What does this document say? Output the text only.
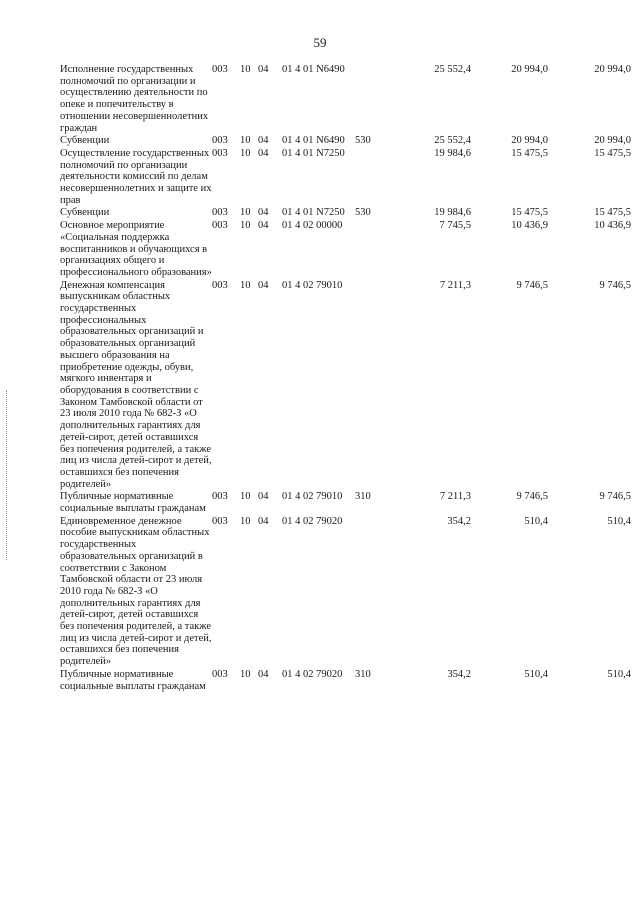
59
Исполнение государственных полномочий по организации и осуществлению деятельности по опеке и попечительству в отношении несовершеннолетних граждан	003	10	04	01 4 01 N6490		25 552,4	20 994,0	20 994,0
Субвенции	003	10	04	01 4 01 N6490	530	25 552,4	20 994,0	20 994,0
Осуществление государственных полномочий по организации деятельности комиссий по делам несовершеннолетних и защите их прав	003	10	04	01 4 01 N7250		19 984,6	15 475,5	15 475,5
Субвенции	003	10	04	01 4 01 N7250	530	19 984,6	15 475,5	15 475,5
Основное мероприятие «Социальная поддержка воспитанников и обучающихся в организациях общего и профессионального образования»	003	10	04	01 4 02 00000		7 745,5	10 436,9	10 436,9
Денежная компенсация выпускникам областных государственных профессиональных образовательных организаций и образовательных организаций высшего образования на приобретение одежды, обуви, мягкого инвентаря и оборудования в соответствии с Законом Тамбовской области от 23 июля 2010 года № 682-З «О дополнительных гарантиях для детей-сирот, детей оставшихся без попечения родителей, а также лиц из числа детей-сирот и детей, оставшихся без попечения родителей»	003	10	04	01 4 02 79010		7 211,3	9 746,5	9 746,5
Публичные нормативные социальные выплаты гражданам	003	10	04	01 4 02 79010	310	7 211,3	9 746,5	9 746,5
Единовременное денежное пособие выпускникам областных государственных образовательных организаций в соответствии с Законом Тамбовской области от 23 июля 2010 года № 682-З «О дополнительных гарантиях для детей-сирот, детей оставшихся без попечения родителей, а также лиц из числа детей-сирот и детей, оставшихся без попечения родителей»	003	10	04	01 4 02 79020		354,2	510,4	510,4
Публичные нормативные социальные выплаты гражданам	003	10	04	01 4 02 79020	310	354,2	510,4	510,4
